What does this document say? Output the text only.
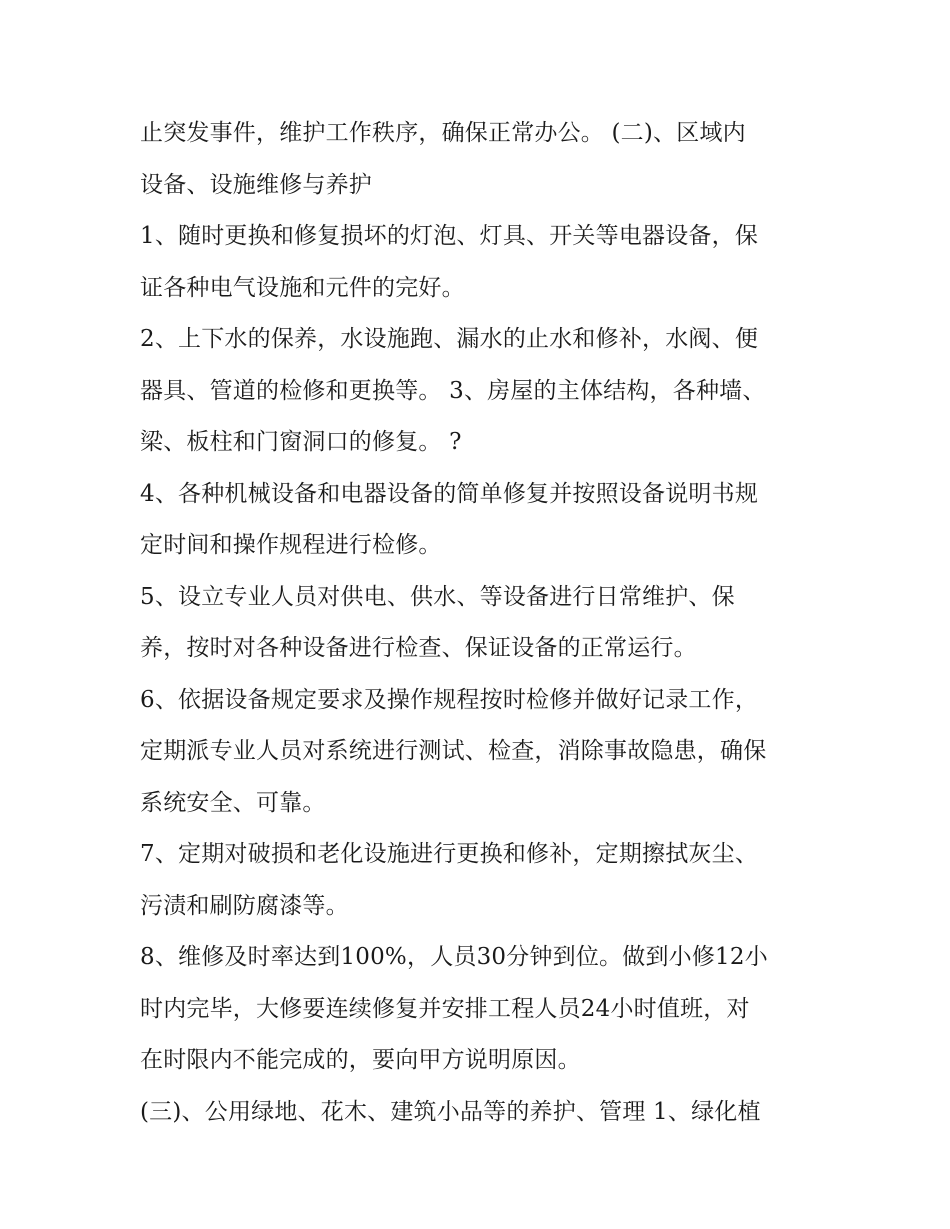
止突发事件，维护工作秩序，确保正常办公。 (二)、区域内
设备、设施维修与养护
1、随时更换和修复损坏的灯泡、灯具、开关等电器设备，保
证各种电气设施和元件的完好。
2、上下水的保养，水设施跑、漏水的止水和修补，水阀、便
器具、管道的检修和更换等。 3、房屋的主体结构，各种墙、
梁、板柱和门窗洞口的修复。 ?
4、各种机械设备和电器设备的简单修复并按照设备说明书规
定时间和操作规程进行检修。
5、设立专业人员对供电、供水、等设备进行日常维护、保
养，按时对各种设备进行检查、保证设备的正常运行。
6、依据设备规定要求及操作规程按时检修并做好记录工作，
定期派专业人员对系统进行测试、检查，消除事故隐患，确保
系统安全、可靠。
7、定期对破损和老化设施进行更换和修补，定期擦拭灰尘、
污渍和刷防腐漆等。
8、维修及时率达到100%，人员30分钟到位。做到小修12小
时内完毕，大修要连续修复并安排工程人员24小时值班，对
在时限内不能完成的，要向甲方说明原因。
(三)、公用绿地、花木、建筑小品等的养护、管理 1、绿化植
